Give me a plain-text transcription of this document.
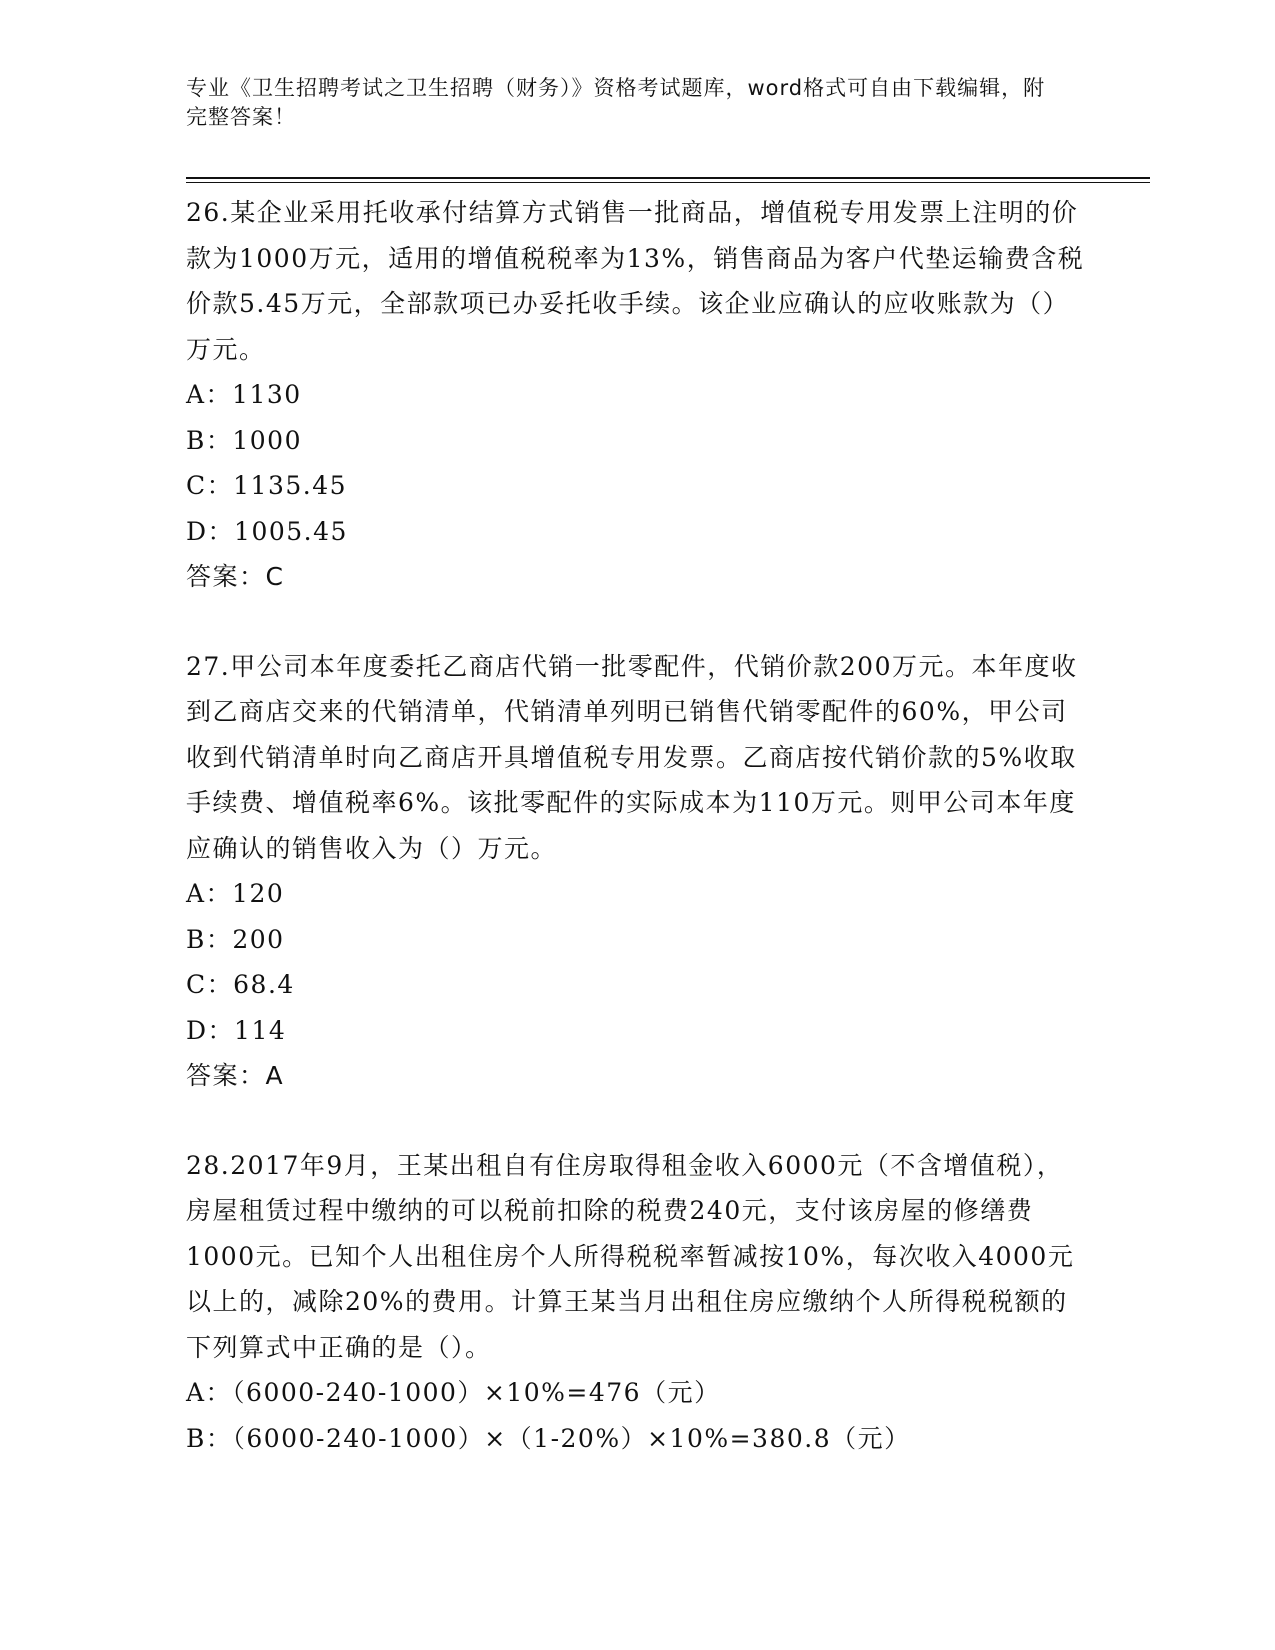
专业《卫生招聘考试之卫生招聘（财务）》资格考试题库，word格式可自由下载编辑，附完整答案！

26.某企业采用托收承付结算方式销售一批商品，增值税专用发票上注明的价款为1000万元，适用的增值税税率为13%，销售商品为客户代垫运输费含税价款5.45万元，全部款项已办妥托收手续。该企业应确认的应收账款为（）万元。

A：1130

B：1000

C：1135.45

D：1005.45

答案：C

27.甲公司本年度委托乙商店代销一批零配件，代销价款200万元。本年度收到乙商店交来的代销清单，代销清单列明已销售代销零配件的60%，甲公司收到代销清单时向乙商店开具增值税专用发票。乙商店按代销价款的5%收取手续费、增值税率6%。该批零配件的实际成本为110万元。则甲公司本年度应确认的销售收入为（）万元。

A：120

B：200

C：68.4

D：114

答案：A

28.2017年9月，王某出租自有住房取得租金收入6000元（不含增值税），房屋租赁过程中缴纳的可以税前扣除的税费240元，支付该房屋的修缮费1000元。已知个人出租住房个人所得税税率暂减按10%，每次收入4000元以上的，减除20%的费用。计算王某当月出租住房应缴纳个人所得税税额的下列算式中正确的是（）。

A：（6000-240-1000）×10%=476（元）

B：（6000-240-1000）×（1-20%）×10%=380.8（元）
